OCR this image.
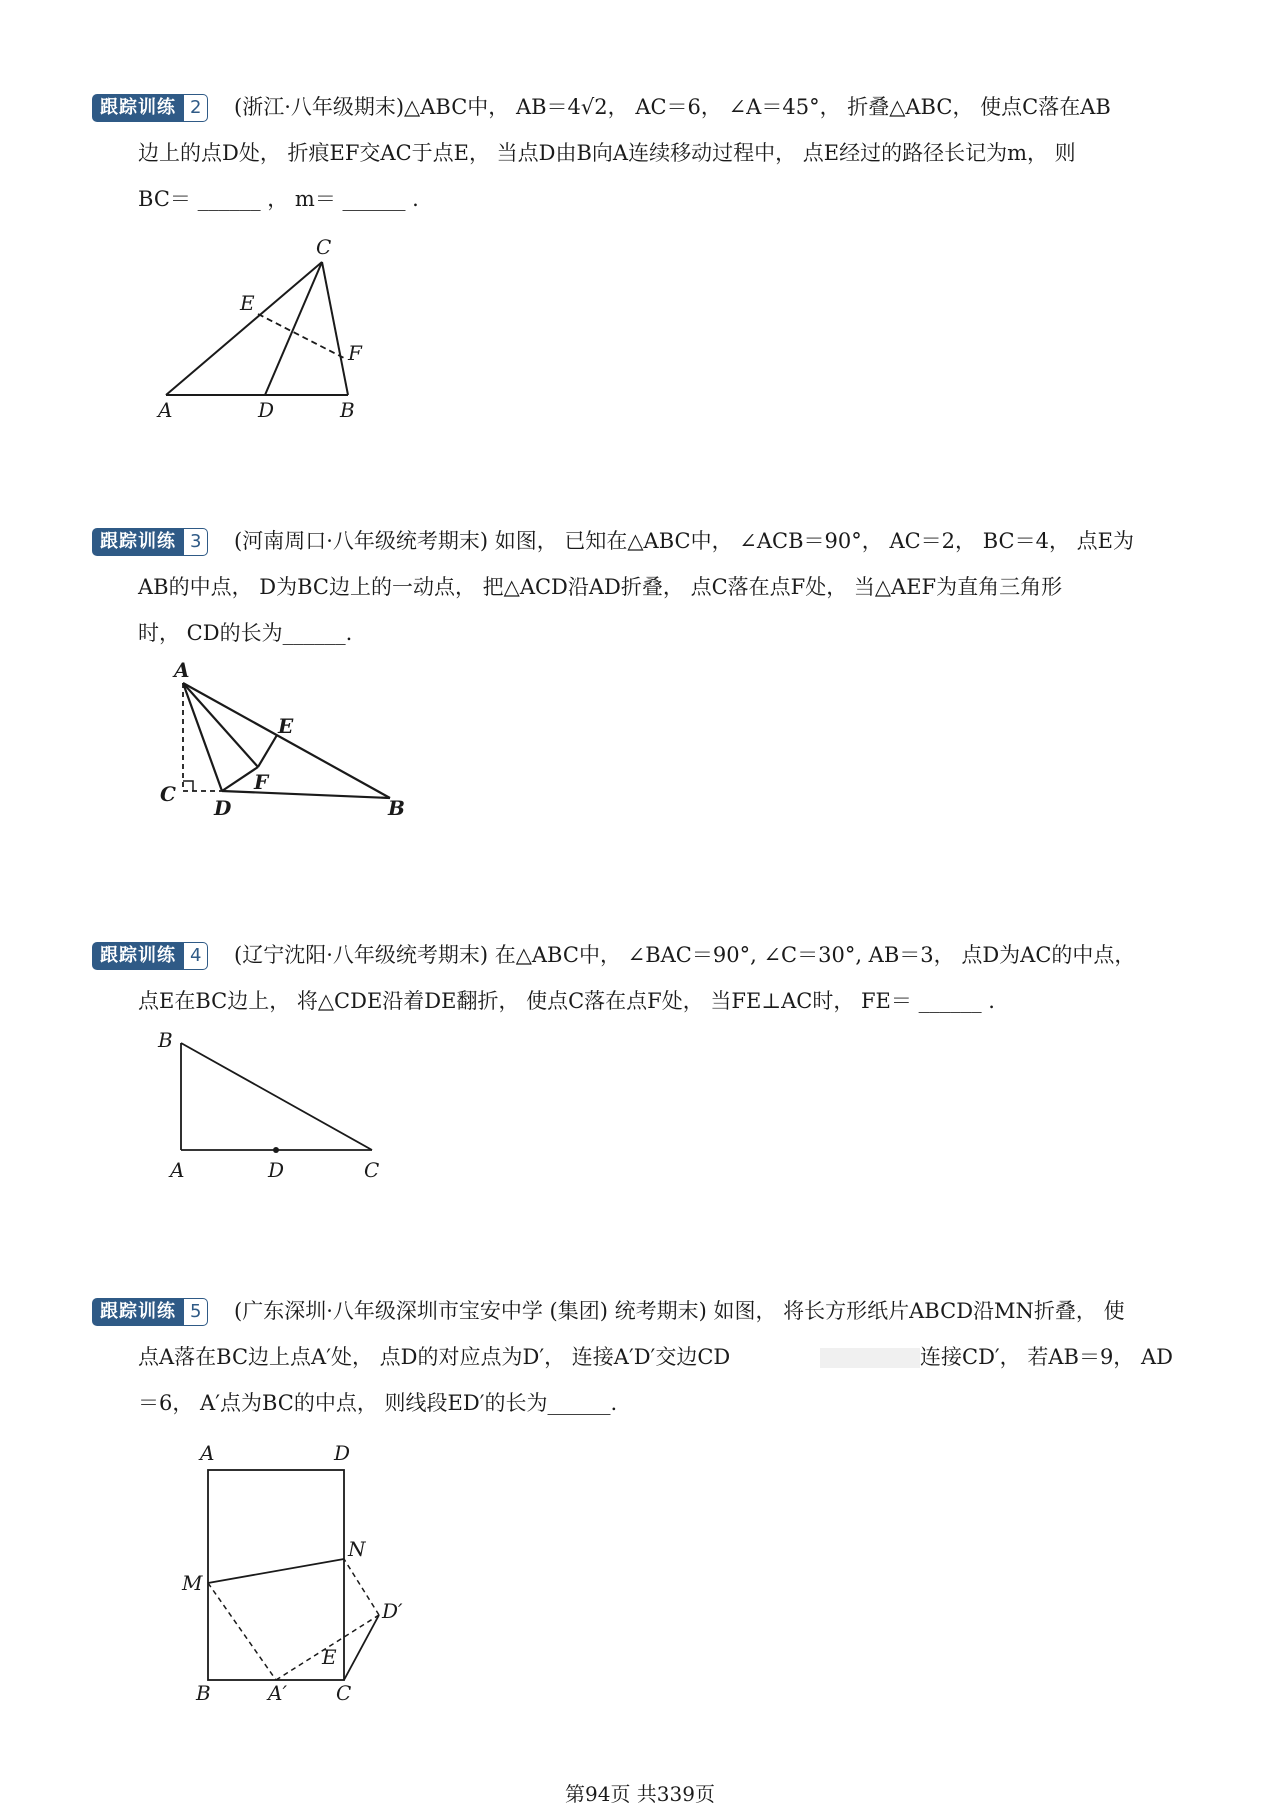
跟踪训练 2	(浙江·八年级期末)△ABC中， AB＝4√2， AC＝6， ∠A＝45°， 折叠△ABC， 使点C落在AB
边上的点D处， 折痕EF交AC于点E， 当点D由B向A连续移动过程中， 点E经过的路径长记为m， 则
BC＝ ______ ， m＝ ______ .
C
E
F
A	D	B
跟踪训练 3	(河南周口·八年级统考期末) 如图， 已知在△ABC中， ∠ACB＝90°， AC＝2， BC＝4， 点E为
AB的中点， D为BC边上的一动点， 把△ACD沿AD折叠， 点C落在点F处， 当△AEF为直角三角形
时， CD的长为______.
A
E
F
C
D	B
跟踪训练 4	(辽宁沈阳·八年级统考期末) 在△ABC中， ∠BAC＝90°, ∠C＝30°, AB＝3， 点D为AC的中点，
点E在BC边上， 将△CDE沿着DE翻折， 使点C落在点F处， 当FE⊥AC时， FE＝ ______ .
B
A	D	C
跟踪训练 5	(广东深圳·八年级深圳市宝安中学 (集团) 统考期末) 如图， 将长方形纸片ABCD沿MN折叠， 使
点A落在BC边上点A′处， 点D的对应点为D′， 连接A′D′交边CD	连接CD′， 若AB＝9， AD
＝6， A′点为BC的中点， 则线段ED′的长为______.
A	D
N
M
D′
E
B	A′ C
第94页 共339页
